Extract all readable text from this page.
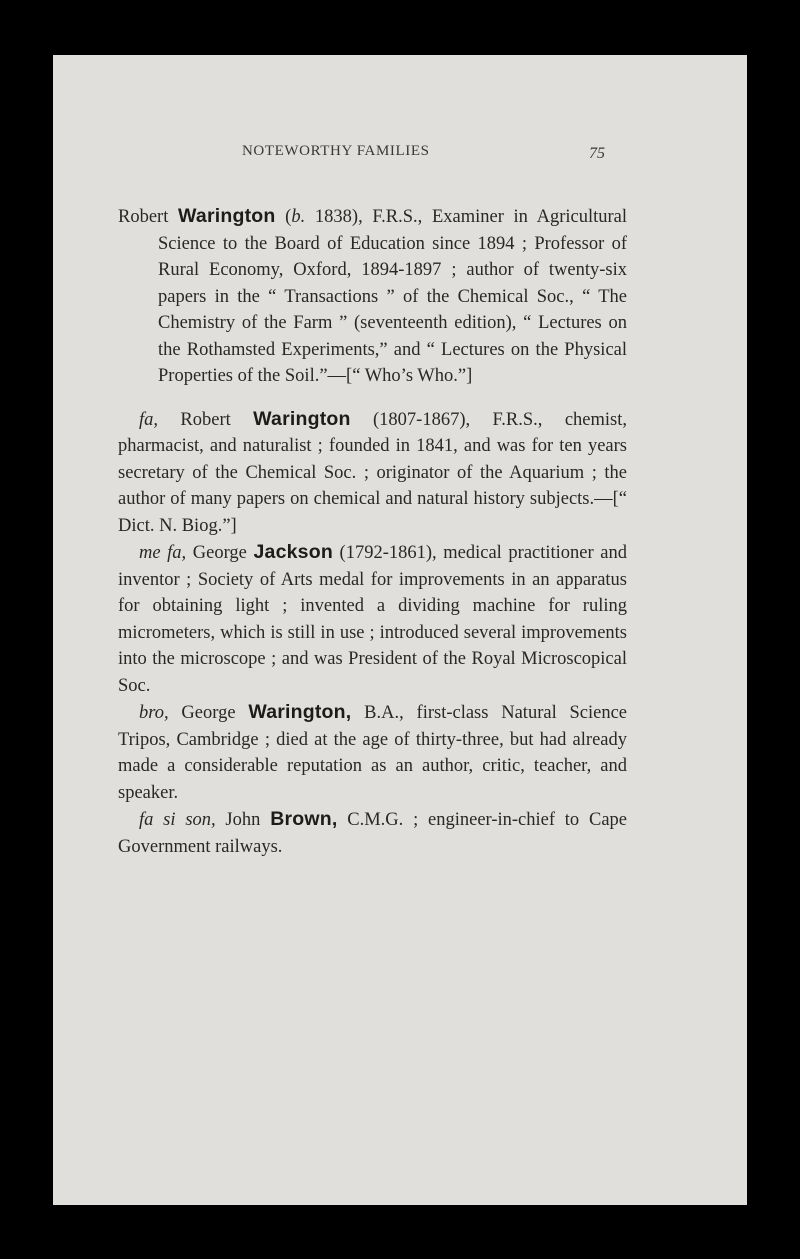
NOTEWORTHY FAMILIES	75

Robert Warington (b. 1838), F.R.S., Examiner in Agricultural Science to the Board of Education since 1894 ; Professor of Rural Economy, Oxford, 1894-1897 ; author of twenty-six papers in the “ Transactions ” of the Chemical Soc., “ The Chemistry of the Farm ” (seventeenth edition), “ Lectures on the Rothamsted Experiments,” and “ Lectures on the Physical Properties of the Soil.”—[“ Who’s Who.”]

fa, Robert Warington (1807-1867), F.R.S., chemist, pharmacist, and naturalist ; founded in 1841, and was for ten years secretary of the Chemical Soc. ; originator of the Aquarium ; the author of many papers on chemical and natural history subjects.—[“ Dict. N. Biog.”]

me fa, George Jackson (1792-1861), medical practitioner and inventor ; Society of Arts medal for improvements in an apparatus for obtaining light ; invented a dividing machine for ruling micrometers, which is still in use ; introduced several improvements into the microscope ; and was President of the Royal Microscopical Soc.

bro, George Warington, B.A., first-class Natural Science Tripos, Cambridge ; died at the age of thirty-three, but had already made a considerable reputation as an author, critic, teacher, and speaker.

fa si son, John Brown, C.M.G. ; engineer-in-chief to Cape Government railways.
